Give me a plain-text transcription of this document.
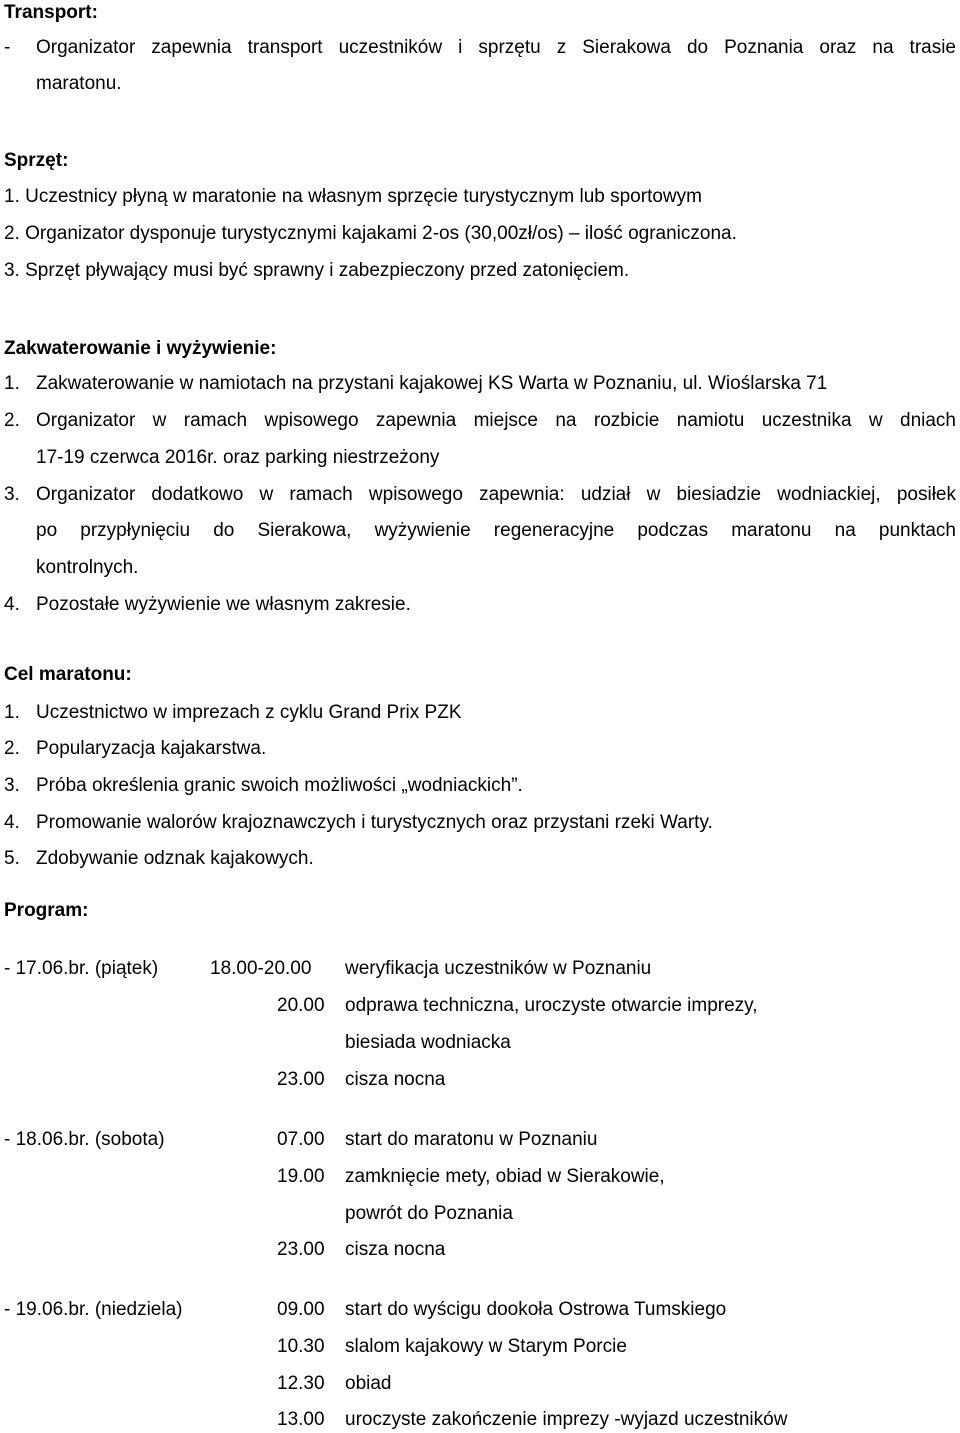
Transport:
- Organizator zapewnia transport uczestników i sprzętu z Sierakowa do Poznania oraz na trasie
maratonu.
Sprzęt:
1. Uczestnicy płyną w maratonie na własnym sprzęcie turystycznym lub sportowym
2. Organizator dysponuje turystycznymi kajakami 2-os (30,00zł/os) – ilość ograniczona.
3. Sprzęt pływający musi być sprawny i zabezpieczony przed zatonięciem.
Zakwaterowanie i wyżywienie:
1. Zakwaterowanie w namiotach na przystani kajakowej KS Warta w Poznaniu, ul. Wioślarska 71
2. Organizator w ramach wpisowego zapewnia miejsce na rozbicie namiotu uczestnika w dniach
17-19 czerwca 2016r. oraz parking niestrzeżony
3. Organizator dodatkowo w ramach wpisowego zapewnia: udział w biesiadzie wodniackiej, posiłek
po przypłynięciu do Sierakowa, wyżywienie regeneracyjne podczas maratonu na punktach
kontrolnych.
4. Pozostałe wyżywienie we własnym zakresie.
Cel maratonu:
1. Uczestnictwo w imprezach z cyklu Grand Prix PZK
2. Popularyzacja kajakarstwa.
3. Próba określenia granic swoich możliwości „wodniackich”.
4. Promowanie walorów krajoznawczych i turystycznych oraz przystani rzeki Warty.
5. Zdobywanie odznak kajakowych.
Program:
- 17.06.br. (piątek)	18.00-20.00 weryfikacja uczestników w Poznaniu
20.00 odprawa techniczna, uroczyste otwarcie imprezy,
biesiada wodniacka
23.00 cisza nocna
- 18.06.br. (sobota)	07.00 start do maratonu w Poznaniu
19.00 zamknięcie mety, obiad w Sierakowie,
powrót do Poznania
23.00 cisza nocna
- 19.06.br. (niedziela)	09.00 start do wyścigu dookoła Ostrowa Tumskiego
10.30 slalom kajakowy w Starym Porcie
12.30 obiad
13.00 uroczyste zakończenie imprezy -wyjazd uczestników
